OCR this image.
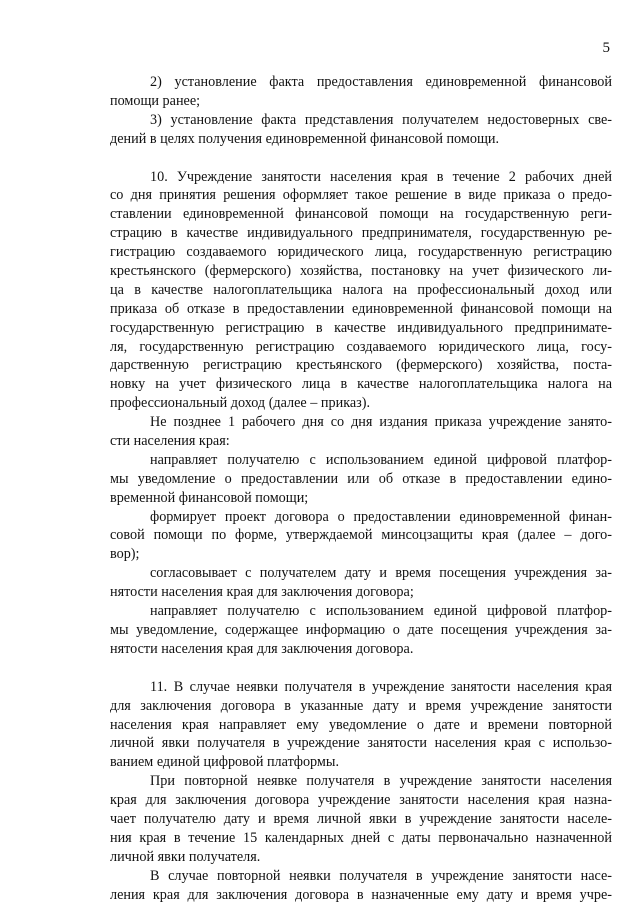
5
2) установление факта предоставления единовременной финансовой
помощи ранее;
3) установление факта представления получателем недостоверных све-
дений в целях получения единовременной финансовой помощи.
10. Учреждение занятости населения края в течение 2 рабочих дней
со дня принятия решения оформляет такое решение в виде приказа о предо-
ставлении единовременной финансовой помощи на государственную реги-
страцию в качестве индивидуального предпринимателя, государственную ре-
гистрацию создаваемого юридического лица, государственную регистрацию
крестьянского (фермерского) хозяйства, постановку на учет физического ли-
ца в качестве налогоплательщика налога на профессиональный доход или
приказа об отказе в предоставлении единовременной финансовой помощи на
государственную регистрацию в качестве индивидуального предпринимате-
ля, государственную регистрацию создаваемого юридического лица, госу-
дарственную регистрацию крестьянского (фермерского) хозяйства, поста-
новку на учет физического лица в качестве налогоплательщика налога на
профессиональный доход (далее – приказ).
Не позднее 1 рабочего дня со дня издания приказа учреждение занято-
сти населения края:
направляет получателю с использованием единой цифровой платфор-
мы уведомление о предоставлении или об отказе в предоставлении едино-
временной финансовой помощи;
формирует проект договора о предоставлении единовременной финан-
совой помощи по форме, утверждаемой минсоцзащиты края (далее – дого-
вор);
согласовывает с получателем дату и время посещения учреждения за-
нятости населения края для заключения договора;
направляет получателю с использованием единой цифровой платфор-
мы уведомление, содержащее информацию о дате посещения учреждения за-
нятости населения края для заключения договора.
11. В случае неявки получателя в учреждение занятости населения края
для заключения договора в указанные дату и время учреждение занятости
населения края направляет ему уведомление о дате и времени повторной
личной явки получателя в учреждение занятости населения края с использо-
ванием единой цифровой платформы.
При повторной неявке получателя в учреждение занятости населения
края для заключения договора учреждение занятости населения края назна-
чает получателю дату и время личной явки в учреждение занятости населе-
ния края в течение 15 календарных дней с даты первоначально назначенной
личной явки получателя.
В случае повторной неявки получателя в учреждение занятости насе-
ления края для заключения договора в назначенные ему дату и время учре-
